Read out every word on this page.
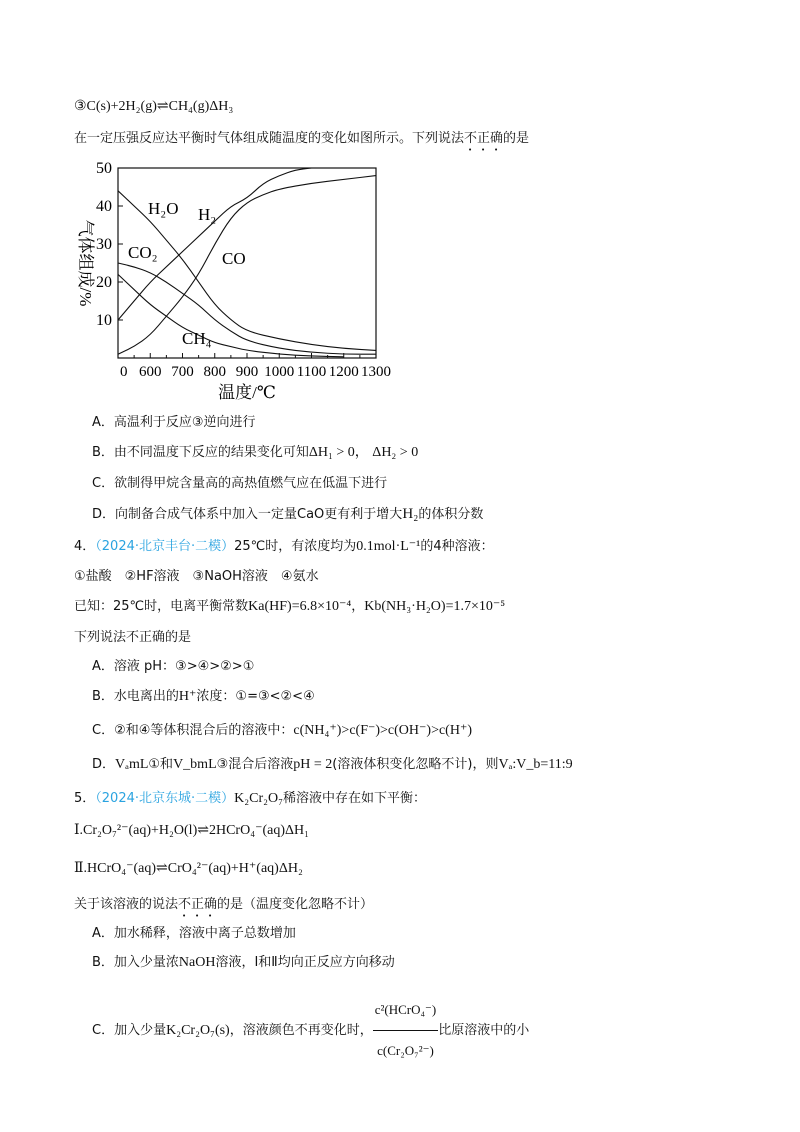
③C(s)+2H₂(g)⇌CH₄(g)ΔH₃
在一定压强反应达平衡时气体组成随温度的变化如图所示。下列说法不正确的是
10
20
30
40
50
0 600 700 800 900 1000 1100 1200 1300
温度/℃
气体组成/%
H₂O H₂
CO₂	CO
CH₄
A．高温利于反应③逆向进行
B．由不同温度下反应的结果变化可知ΔH₁ > 0， ΔH₂ > 0
C．欲制得甲烷含量高的高热值燃气应在低温下进行
D．向制备合成气体系中加入一定量CaO更有利于增大H₂的体积分数
4．（2024·北京丰台·二模）25℃时，有浓度均为0.1mol·L⁻¹的4种溶液：
①盐酸　②HF溶液　③NaOH溶液　④氨水
已知：25℃时，电离平衡常数Ka(HF)=6.8×10⁻⁴，Kb(NH₃·H₂O)=1.7×10⁻⁵
下列说法不正确的是
A．溶液 pH：③>④>②>①
B．水电离出的H⁺浓度：①=③<②<④
C．②和④等体积混合后的溶液中：c(NH₄⁺)>c(F⁻)>c(OH⁻)>c(H⁺)
D．VₐmL①和V_bmL③混合后溶液pH = 2(溶液体积变化忽略不计)，则Vₐ:V_b=11:9
5．（2024·北京东城·二模）K₂Cr₂O₇稀溶液中存在如下平衡：
Ⅰ.Cr₂O₇²⁻(aq)+H₂O(l)⇌2HCrO₄⁻(aq)ΔH₁
Ⅱ.HCrO₄⁻(aq)⇌CrO₄²⁻(aq)+H⁺(aq)ΔH₂
关于该溶液的说法不正确的是（温度变化忽略不计）
A．加水稀释，溶液中离子总数增加
B．加入少量浓NaOH溶液，Ⅰ和Ⅱ均向正反应方向移动
C．加入少量K₂Cr₂O₇(s)，溶液颜色不再变化时，
c²(HCrO₄⁻)
c(Cr₂O₇²⁻)
比原溶液中的小
